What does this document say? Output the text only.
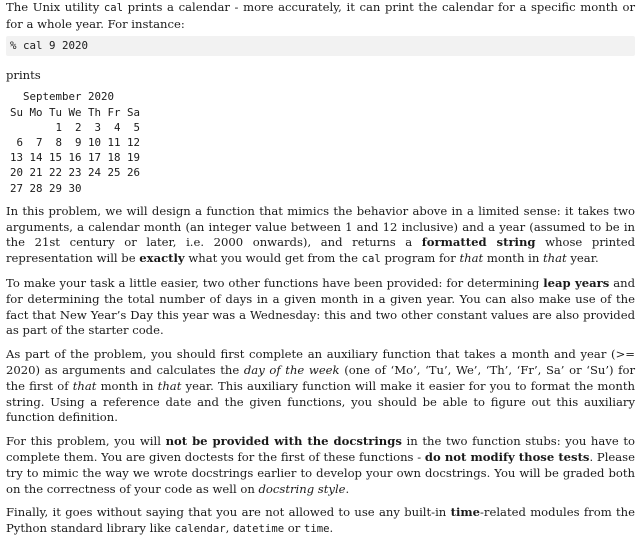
The Unix utility cal prints a calendar - more accurately, it can print the calendar for a specific month or for a whole year. For instance:

% cal 9 2020

prints

September 2020
Su Mo Tu We Th Fr Sa
1  2  3  4  5
6  7  8  9 10 11 12
13 14 15 16 17 18 19
20 21 22 23 24 25 26
27 28 29 30

In this problem, we will design a function that mimics the behavior above in a limited sense: it takes two arguments, a calendar month (an integer value between 1 and 12 inclusive) and a year (assumed to be in the 21st century or later, i.e. 2000 onwards), and returns a formatted string whose printed representation will be exactly what you would get from the cal program for that month in that year.

To make your task a little easier, two other functions have been provided: for determining leap years and for determining the total number of days in a given month in a given year. You can also make use of the fact that New Year’s Day this year was a Wednesday: this and two other constant values are also provided as part of the starter code.

As part of the problem, you should first complete an auxiliary function that takes a month and year (>= 2020) as arguments and calculates the day of the week (one of ‘Mo’, ‘Tu’, We’, ‘Th’, ‘Fr’, Sa’ or ‘Su’) for the first of that month in that year. This auxiliary function will make it easier for you to format the month string. Using a reference date and the given functions, you should be able to figure out this auxiliary function definition.

For this problem, you will not be provided with the docstrings in the two function stubs: you have to complete them. You are given doctests for the first of these functions - do not modify those tests. Please try to mimic the way we wrote docstrings earlier to develop your own docstrings. You will be graded both on the correctness of your code as well on docstring style.

Finally, it goes without saying that you are not allowed to use any built-in time-related modules from the Python standard library like calendar, datetime or time.
